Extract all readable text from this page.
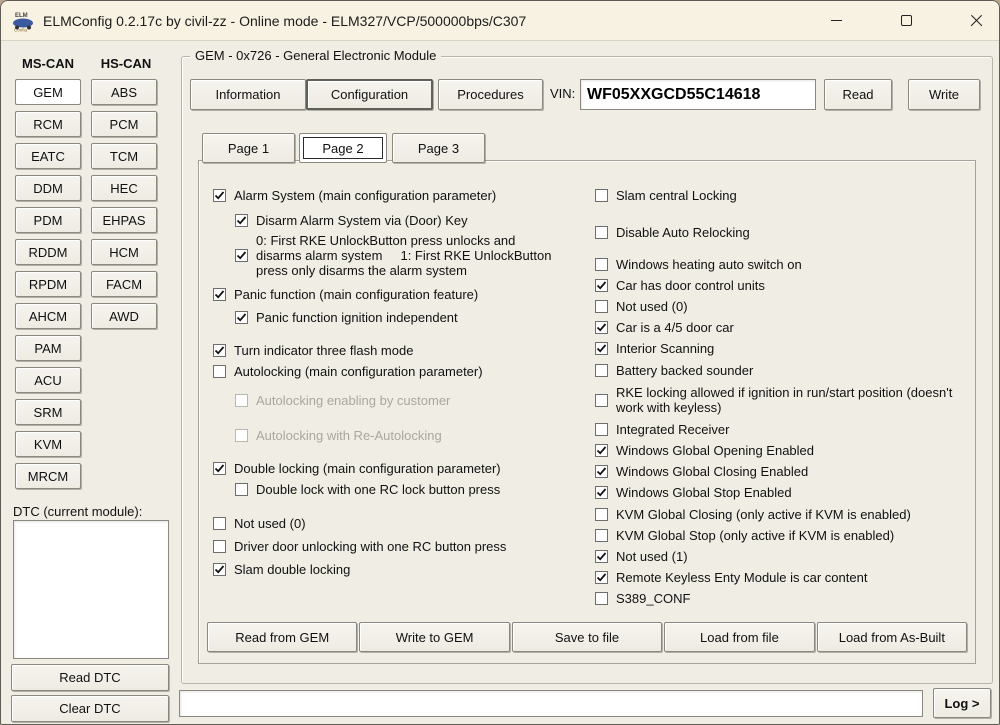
ELM
Config
ELMConfig 0.2.17c by civil-zz - Online mode - ELM327/VCP/500000bps/C307
MS-CAN	HS-CAN
GEM
RCM
EATC
DDM
PDM
RDDM
RPDM
AHCM
PAM
ACU
SRM
KVM
MRCM
ABS
PCM
TCM
HEC
EHPAS
HCM
FACM
AWD
DTC (current module):
Read DTC
Clear DTC
GEM - 0x726 - General Electronic Module
Information	Configuration	Procedures	VIN:
WF05XXGCD55C14618	Read	Write
Page 1	Page 2	Page 3
Alarm System (main configuration parameter)
Disarm Alarm System via (Door) Key
0: First RKE UnlockButton press unlocks and disarms alarm system     1: First RKE UnlockButton press only disarms the alarm system
Panic function (main configuration feature)
Panic function ignition independent
Turn indicator three flash mode
Autolocking (main configuration parameter)
Autolocking enabling by customer
Autolocking with Re-Autolocking
Double locking (main configuration parameter)
Double lock with one RC lock button press
Not used (0)
Driver door unlocking with one RC button press
Slam double locking
Slam central Locking
Disable Auto Relocking
Windows heating auto switch on
Car has door control units
Not used (0)
Car is a 4/5 door car
Interior Scanning
Battery backed sounder
RKE locking allowed if ignition in run/start position (doesn't work with keyless)
Integrated Receiver
Windows Global Opening Enabled
Windows Global Closing Enabled
Windows Global Stop Enabled
KVM Global Closing (only active if KVM is enabled)
KVM Global Stop (only active if KVM is enabled)
Not used (1)
Remote Keyless Enty Module is car content
S389_CONF
Read from GEM	Write to GEM	Save to file	Load from file	Load from As-Built
Log >
